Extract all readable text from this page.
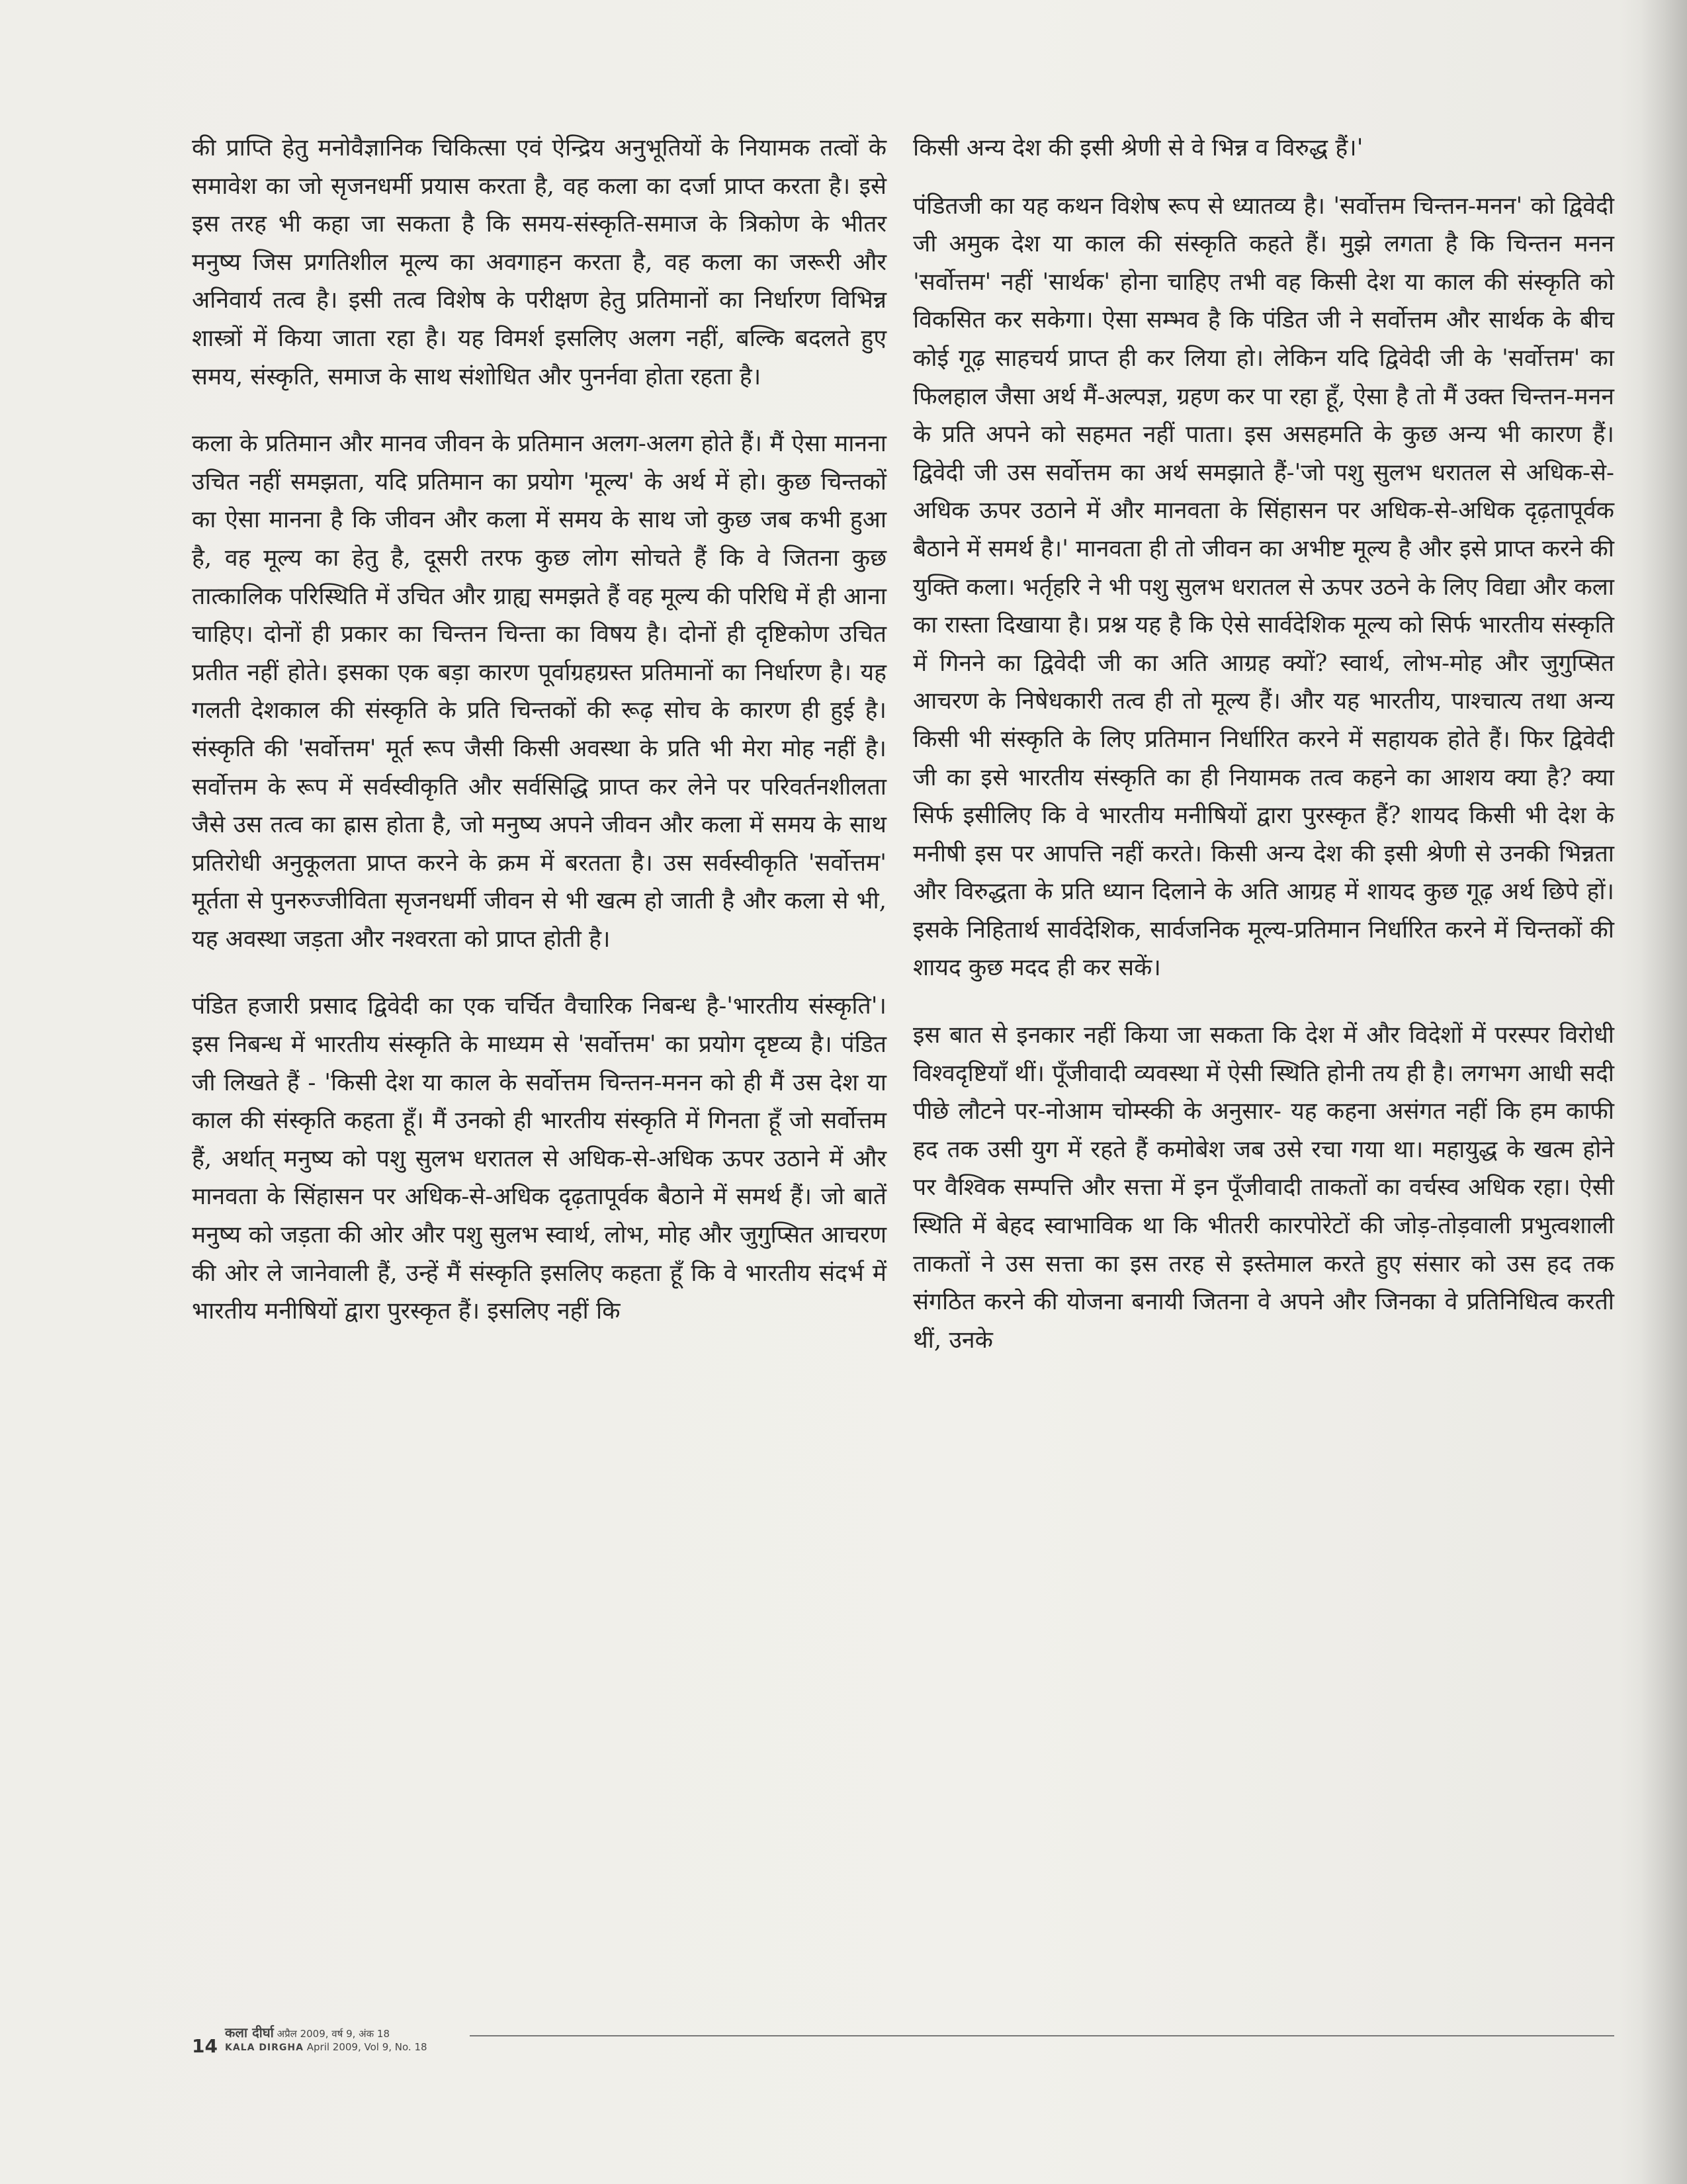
की प्राप्ति हेतु मनोवैज्ञानिक चिकित्सा एवं ऐन्द्रिय अनुभूतियों के नियामक तत्वों के समावेश का जो सृजनधर्मी प्रयास करता है, वह कला का दर्जा प्राप्त करता है। इसे इस तरह भी कहा जा सकता है कि समय-संस्कृति-समाज के त्रिकोण के भीतर मनुष्य जिस प्रगतिशील मूल्य का अवगाहन करता है, वह कला का जरूरी और अनिवार्य तत्व है। इसी तत्व विशेष के परीक्षण हेतु प्रतिमानों का निर्धारण विभिन्न शास्त्रों में किया जाता रहा है। यह विमर्श इसलिए अलग नहीं, बल्कि बदलते हुए समय, संस्कृति, समाज के साथ संशोधित और पुनर्नवा होता रहता है।

कला के प्रतिमान और मानव जीवन के प्रतिमान अलग-अलग होते हैं। मैं ऐसा मानना उचित नहीं समझता, यदि प्रतिमान का प्रयोग 'मूल्य' के अर्थ में हो। कुछ चिन्तकों का ऐसा मानना है कि जीवन और कला में समय के साथ जो कुछ जब कभी हुआ है, वह मूल्य का हेतु है, दूसरी तरफ कुछ लोग सोचते हैं कि वे जितना कुछ तात्कालिक परिस्थिति में उचित और ग्राह्य समझते हैं वह मूल्य की परिधि में ही आना चाहिए। दोनों ही प्रकार का चिन्तन चिन्ता का विषय है। दोनों ही दृष्टिकोण उचित प्रतीत नहीं होते। इसका एक बड़ा कारण पूर्वाग्रहग्रस्त प्रतिमानों का निर्धारण है। यह गलती देशकाल की संस्कृति के प्रति चिन्तकों की रूढ़ सोच के कारण ही हुई है। संस्कृति की 'सर्वोत्तम' मूर्त रूप जैसी किसी अवस्था के प्रति भी मेरा मोह नहीं है। सर्वोत्तम के रूप में सर्वस्वीकृति और सर्वसिद्धि प्राप्त कर लेने पर परिवर्तनशीलता जैसे उस तत्व का ह्रास होता है, जो मनुष्य अपने जीवन और कला में समय के साथ प्रतिरोधी अनुकूलता प्राप्त करने के क्रम में बरतता है। उस सर्वस्वीकृति 'सर्वोत्तम' मूर्तता से पुनरुज्जीविता सृजनधर्मी जीवन से भी खत्म हो जाती है और कला से भी, यह अवस्था जड़ता और नश्वरता को प्राप्त होती है।

पंडित हजारी प्रसाद द्विवेदी का एक चर्चित वैचारिक निबन्ध है-'भारतीय संस्कृति'। इस निबन्ध में भारतीय संस्कृति के माध्यम से 'सर्वोत्तम' का प्रयोग दृष्टव्य है। पंडित जी लिखते हैं - 'किसी देश या काल के सर्वोत्तम चिन्तन-मनन को ही मैं उस देश या काल की संस्कृति कहता हूँ। मैं उनको ही भारतीय संस्कृति में गिनता हूँ जो सर्वोत्तम हैं, अर्थात् मनुष्य को पशु सुलभ धरातल से अधिक-से-अधिक ऊपर उठाने में और मानवता के सिंहासन पर अधिक-से-अधिक दृढ़तापूर्वक बैठाने में समर्थ हैं। जो बातें मनुष्य को जड़ता की ओर और पशु सुलभ स्वार्थ, लोभ, मोह और जुगुप्सित आचरण की ओर ले जानेवाली हैं, उन्हें मैं संस्कृति इसलिए कहता हूँ कि वे भारतीय संदर्भ में भारतीय मनीषियों द्वारा पुरस्कृत हैं। इसलिए नहीं कि

किसी अन्य देश की इसी श्रेणी से वे भिन्न व विरुद्ध हैं।'

पंडितजी का यह कथन विशेष रूप से ध्यातव्य है। 'सर्वोत्तम चिन्तन-मनन' को द्विवेदी जी अमुक देश या काल की संस्कृति कहते हैं। मुझे लगता है कि चिन्तन मनन 'सर्वोत्तम' नहीं 'सार्थक' होना चाहिए तभी वह किसी देश या काल की संस्कृति को विकसित कर सकेगा। ऐसा सम्भव है कि पंडित जी ने सर्वोत्तम और सार्थक के बीच कोई गूढ़ साहचर्य प्राप्त ही कर लिया हो। लेकिन यदि द्विवेदी जी के 'सर्वोत्तम' का फिलहाल जैसा अर्थ मैं-अल्पज्ञ, ग्रहण कर पा रहा हूँ, ऐसा है तो मैं उक्त चिन्तन-मनन के प्रति अपने को सहमत नहीं पाता। इस असहमति के कुछ अन्य भी कारण हैं। द्विवेदी जी उस सर्वोत्तम का अर्थ समझाते हैं-'जो पशु सुलभ धरातल से अधिक-से-अधिक ऊपर उठाने में और मानवता के सिंहासन पर अधिक-से-अधिक दृढ़तापूर्वक बैठाने में समर्थ है।' मानवता ही तो जीवन का अभीष्ट मूल्य है और इसे प्राप्त करने की युक्ति कला। भर्तृहरि ने भी पशु सुलभ धरातल से ऊपर उठने के लिए विद्या और कला का रास्ता दिखाया है। प्रश्न यह है कि ऐसे सार्वदेशिक मूल्य को सिर्फ भारतीय संस्कृति में गिनने का द्विवेदी जी का अति आग्रह क्यों? स्वार्थ, लोभ-मोह और जुगुप्सित आचरण के निषेधकारी तत्व ही तो मूल्य हैं। और यह भारतीय, पाश्चात्य तथा अन्य किसी भी संस्कृति के लिए प्रतिमान निर्धारित करने में सहायक होते हैं। फिर द्विवेदी जी का इसे भारतीय संस्कृति का ही नियामक तत्व कहने का आशय क्या है? क्या सिर्फ इसीलिए कि वे भारतीय मनीषियों द्वारा पुरस्कृत हैं? शायद किसी भी देश के मनीषी इस पर आपत्ति नहीं करते। किसी अन्य देश की इसी श्रेणी से उनकी भिन्नता और विरुद्धता के प्रति ध्यान दिलाने के अति आग्रह में शायद कुछ गूढ़ अर्थ छिपे हों। इसके निहितार्थ सार्वदेशिक, सार्वजनिक मूल्य-प्रतिमान निर्धारित करने में चिन्तकों की शायद कुछ मदद ही कर सकें।

इस बात से इनकार नहीं किया जा सकता कि देश में और विदेशों में परस्पर विरोधी विश्वदृष्टियाँ थीं। पूँजीवादी व्यवस्था में ऐसी स्थिति होनी तय ही है। लगभग आधी सदी पीछे लौटने पर-नोआम चोम्स्की के अनुसार- यह कहना असंगत नहीं कि हम काफी हद तक उसी युग में रहते हैं कमोबेश जब उसे रचा गया था। महायुद्ध के खत्म होने पर वैश्विक सम्पत्ति और सत्ता में इन पूँजीवादी ताकतों का वर्चस्व अधिक रहा। ऐसी स्थिति में बेहद स्वाभाविक था कि भीतरी कारपोरेटों की जोड़-तोड़वाली प्रभुत्वशाली ताकतों ने उस सत्ता का इस तरह से इस्तेमाल करते हुए संसार को उस हद तक संगठित करने की योजना बनायी जितना वे अपने और जिनका वे प्रतिनिधित्व करती थीं, उनके

14
कला दीर्घा अप्रैल 2009, वर्ष 9, अंक 18
KALA DIRGHA April 2009, Vol 9, No. 18
